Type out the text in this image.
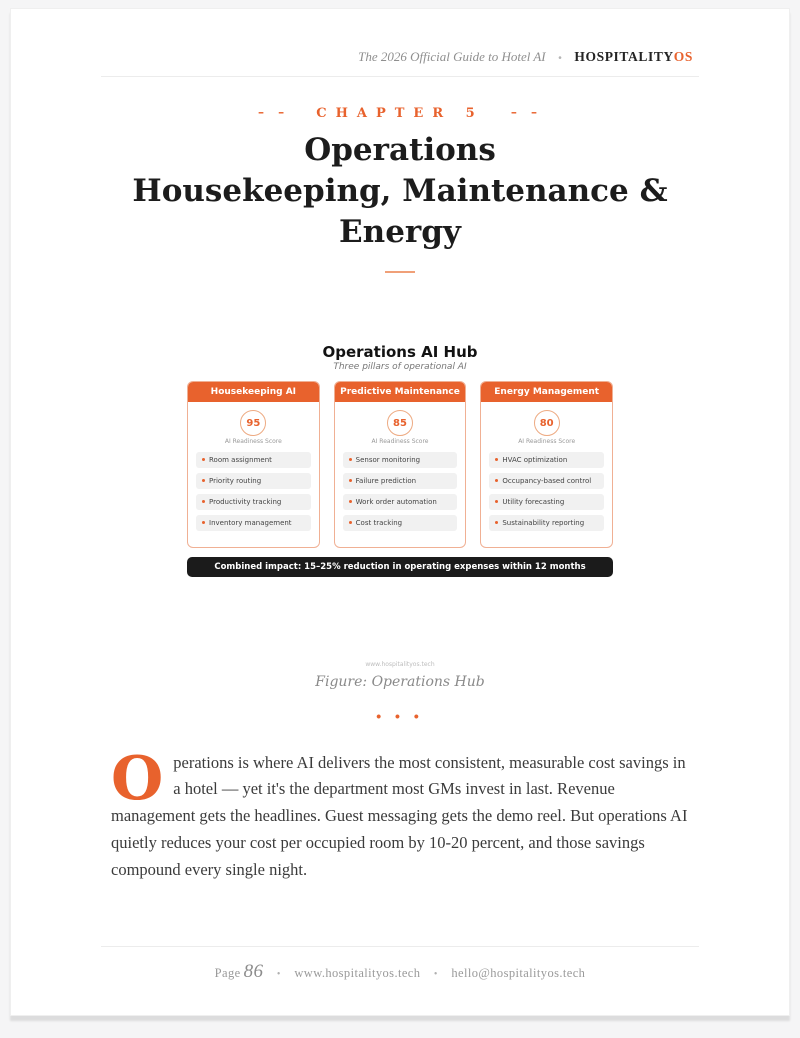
The 2026 Official Guide to Hotel AI • HOSPITALITYOS
– – CHAPTER 5 – –
Operations
Housekeeping, Maintenance & Energy
Operations AI Hub
Three pillars of operational AI
Housekeeping AI
95
AI Readiness Score
Room assignment
Priority routing
Productivity tracking
Inventory management
Predictive Maintenance
85
AI Readiness Score
Sensor monitoring
Failure prediction
Work order automation
Cost tracking
Energy Management
80
AI Readiness Score
HVAC optimization
Occupancy-based control
Utility forecasting
Sustainability reporting
Combined impact: 15–25% reduction in operating expenses within 12 months
www.hospitalityos.tech
Figure: Operations Hub
• • •

Operations is where AI delivers the most consistent, measurable cost savings in a hotel — yet it's the department most GMs invest in last. Revenue management gets the headlines. Guest messaging gets the demo reel. But operations AI quietly reduces your cost per occupied room by 10-20 percent, and those savings compound every single night.

Page 86 • www.hospitalityos.tech • hello@hospitalityos.tech
